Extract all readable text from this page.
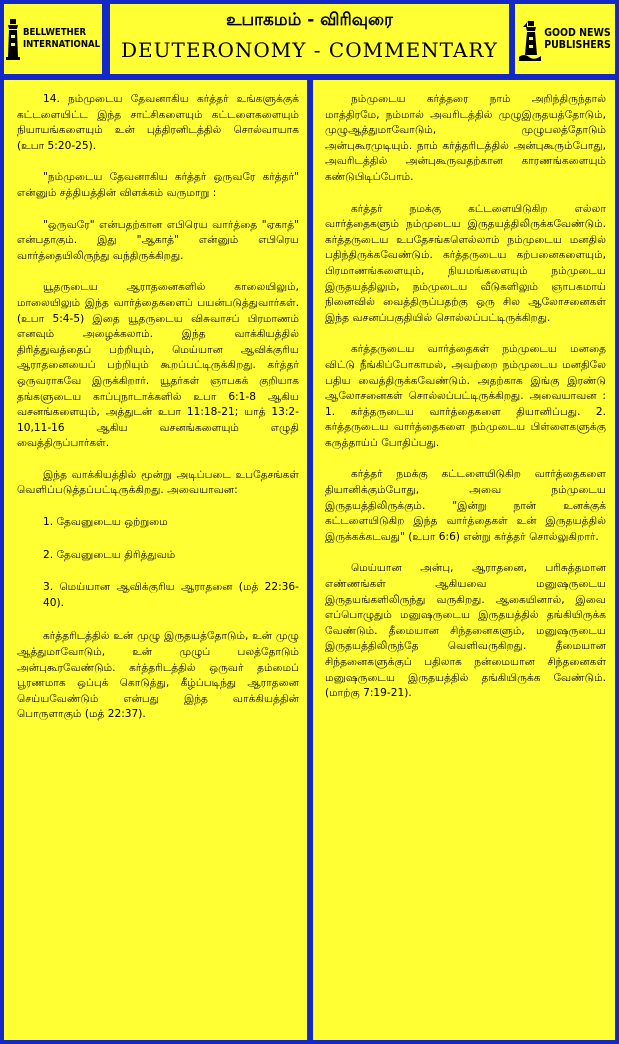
BELLWETHER
INTERNATIONAL
உபாகமம் - விரிவுரை
DEUTERONOMY - COMMENTARY
GOOD NEWS
PUBLISHERS

14. நம்முடைய தேவனாகிய கர்த்தர் உங்களுக்குக் கட்டளையிட்ட இந்த சாட்சிகளையும் கட்டளைகளையும் நியாயங்களையும் உன் புத்திரனிடத்தில் சொல்வாயாக (உபா 5:20-25).

"நம்முடைய தேவனாகிய கர்த்தர் ஒருவரே கர்த்தர்" என்னும் சத்தியத்தின் விளக்கம் வருமாறு :

"ஒருவரே" என்பதற்கான எபிரெய வார்த்தை "ஏகாத்" என்பதாகும். இது "ஆகாத்" என்னும் எபிரெய வார்த்தையிலிருந்து வந்திருக்கிறது.

யூதருடைய ஆராதனைகளில் காலையிலும், மாலையிலும் இந்த வார்த்தைகளைப் பயன்படுத்துவார்கள். (உபா 5:4-5) இதை யூதருடைய விசுவாசப் பிரமாணம் எனவும் அழைக்கலாம். இந்த வாக்கியத்தில் திரித்துவத்தைப் பற்றியும், மெய்யான ஆவிக்குரிய ஆராதனையைப் பற்றியும் கூறப்பட்டிருக்கிறது. கர்த்தர் ஒருவராகவே இருக்கிறார். யூதர்கள் ஞாபகக் குறியாக தங்களுடைய காப்புநாடாக்களில் உபா 6:1-8 ஆகிய வசனங்களையும், அத்துடன் உபா 11:18-21; யாத் 13:2-10,11-16 ஆகிய வசனங்களையும் எழுதி வைத்திருப்பார்கள்.

இந்த வாக்கியத்தில் மூன்று அடிப்படை உபதேசங்கள் வெளிப்படுத்தப்பட்டிருக்கிறது. அவையாவன:

1. தேவனுடைய ஒற்றுமை
2. தேவனுடைய திரித்துவம்
3. மெய்யான ஆவிக்குரிய ஆராதனை (மத் 22:36-40).

கர்த்தரிடத்தில் உன் முழு இருதயத்தோடும், உன் முழு ஆத்துமாவோடும், உன் முழுப் பலத்தோடும் அன்புகூரவேண்டும். கர்த்தரிடத்தில் ஒருவர் தம்மைப் பூரணமாக ஒப்புக் கொடுத்து, கீழ்ப்படிந்து ஆராதனை செய்யவேண்டும் என்பது இந்த வாக்கியத்தின் பொருளாகும் (மத் 22:37).

நம்முடைய கர்த்தரை நாம் அறிந்திருந்தால் மாத்திரமே, நம்மால் அவரிடத்தில் முழுஇருதயத்தோடும், முழுஆத்துமாவோடும், முழுபலத்தோடும் அன்புகூரமுடியும். நாம் கர்த்தரிடத்தில் அன்புகூரும்போது, அவரிடத்தில் அன்புகூருவதற்கான காரணங்களையும் கண்டுபிடிப்போம்.

கர்த்தர் நமக்கு கட்டளையிடுகிற எல்லா வார்த்தைகளும் நம்முடைய இருதயத்திலிருக்கவேண்டும். கர்த்தருடைய உபதேசங்களெல்லாம் நம்முடைய மனதில் பதிந்திருக்கவேண்டும். கர்த்தருடைய கற்பனைகளையும், பிரமாணங்களையும், நியமங்களையும் நம்முடைய இருதயத்திலும், நம்முடைய வீடுகளிலும் ஞாபகமாய் நினைவில் வைத்திருப்பதற்கு ஒரு சில ஆலோசனைகள் இந்த வசனப்பகுதியில் சொல்லப்பட்டிருக்கிறது.

கர்த்தருடைய வார்த்தைகள் நம்முடைய மனதை விட்டு நீங்கிப்போகாமல், அவற்றை நம்முடைய மனதிலே பதிய வைத்திருக்கவேண்டும். அதற்காக இங்கு இரண்டு ஆலோசனைகள் சொல்லப்பட்டிருக்கிறது. அவையாவன : 1. கர்த்தருடைய வார்த்தைகளை தியானிப்பது. 2. கர்த்தருடைய வார்த்தைகளை நம்முடைய பிள்ளைகளுக்கு கருத்தாய்ப் போதிப்பது.

கர்த்தர் நமக்கு கட்டளையிடுகிற வார்த்தைகளை தியானிக்கும்போது, அவை நம்முடைய இருதயத்திலிருக்கும். "இன்று நான் உனக்குக் கட்டளையிடுகிற இந்த வார்த்தைகள் உன் இருதயத்தில் இருக்கக்கடவது" (உபா 6:6) என்று கர்த்தர் சொல்லுகிறார்.

மெய்யான அன்பு, ஆராதனை, பரிசுத்தமான எண்ணங்கள் ஆகியவை மனுஷருடைய இருதயங்களிலிருந்து வருகிறது. ஆகையினால், இவை எப்பொழுதும் மனுஷருடைய இருதயத்தில் தங்கியிருக்க வேண்டும். தீமையான சிந்தனைகளும், மனுஷருடைய இருதயத்திலிருந்தே வெளிவருகிறது. தீமையான சிந்தனைகளுக்குப் பதிலாக நன்மையான சிந்தனைகள் மனுஷருடைய இருதயத்தில் தங்கியிருக்க வேண்டும். (மாற்கு 7:19-21).
